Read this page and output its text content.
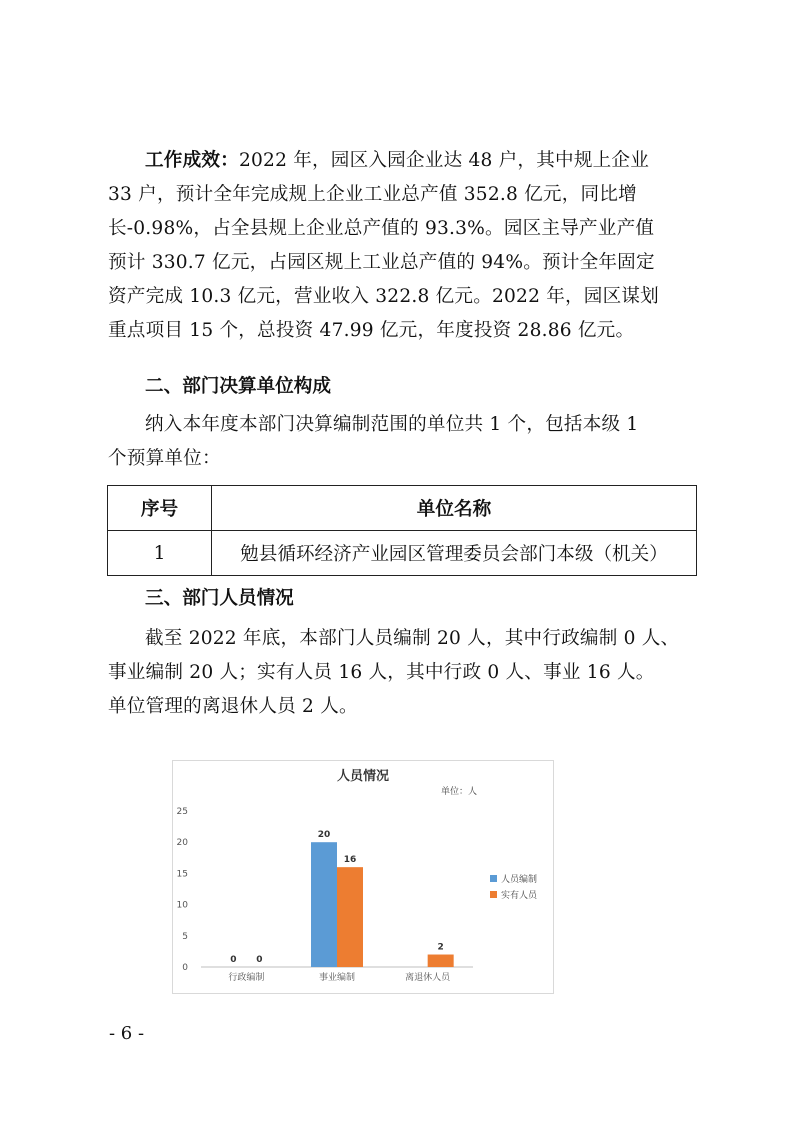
工作成效：2022 年，园区入园企业达 48 户，其中规上企业
33 户，预计全年完成规上企业工业总产值 352.8 亿元，同比增
长-0.98%，占全县规上企业总产值的 93.3%。园区主导产业产值
预计 330.7 亿元，占园区规上工业总产值的 94%。预计全年固定
资产完成 10.3 亿元，营业收入 322.8 亿元。2022 年，园区谋划
重点项目 15 个，总投资 47.99 亿元，年度投资 28.86 亿元。
二、部门决算单位构成
纳入本年度本部门决算编制范围的单位共 1 个，包括本级 1
个预算单位：
序号	单位名称
1	勉县循环经济产业园区管理委员会部门本级（机关）
三、部门人员情况
截至 2022 年底，本部门人员编制 20 人，其中行政编制 0 人、
事业编制 20 人；实有人员 16 人，其中行政 0 人、事业 16 人。
单位管理的离退休人员 2 人。
人员情况
单位：人
0
5
10
15
20
25
行政编制
0 0
事业编制
20
16
离退休人员
2
人员编制
实有人员
- 6 -
